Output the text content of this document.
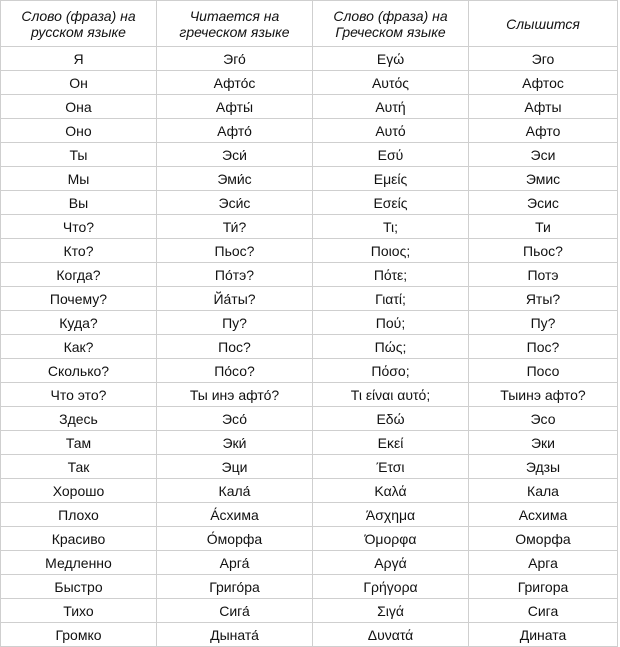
Слово (фраза) на русском языке	Читается на греческом языке	Слово (фраза) на Греческом языке	Слышится
Я	Эго́	Εγώ	Эго
Он	Афто́с	Αυτός	Афтос
Она	Афты́	Αυτή	Афты
Оно	Афто́	Αυτό	Афто
Ты	Эси́	Εσύ	Эси
Мы	Эми́с	Εμείς	Эмис
Вы	Эси́с	Εσείς	Эсис
Что?	Ти́?	Τι;	Ти
Кто?	Пьос?	Ποιος;	Пьос?
Когда?	По́тэ?	Πότε;	Потэ
Почему?	Йа́ты?	Γιατί;	Яты?
Куда?	Пу?	Πού;	Пу?
Как?	Пос?	Πώς;	Пос?
Сколько?	По́со?	Πόσο;	Посо
Что это?	Ты инэ афто́?	Τι είναι αυτό;	Тыинэ афто?
Здесь	Эсо́	Εδώ	Эсо
Там	Эки́	Εκεί	Эки
Так	Эци	Έτσι	Эдзы
Хорошо	Кала́	Καλά	Кала
Плохо	А́схима	Άσχημα	Асхима
Красиво	О́морфа	Όμορφα	Оморфа
Медленно	Арга́	Αργά	Арга
Быстро	Григо́ра	Γρήγορα	Григора
Тихо	Сига́	Σιγά	Сига
Громко	Дыната́	Δυνατά	Дината
